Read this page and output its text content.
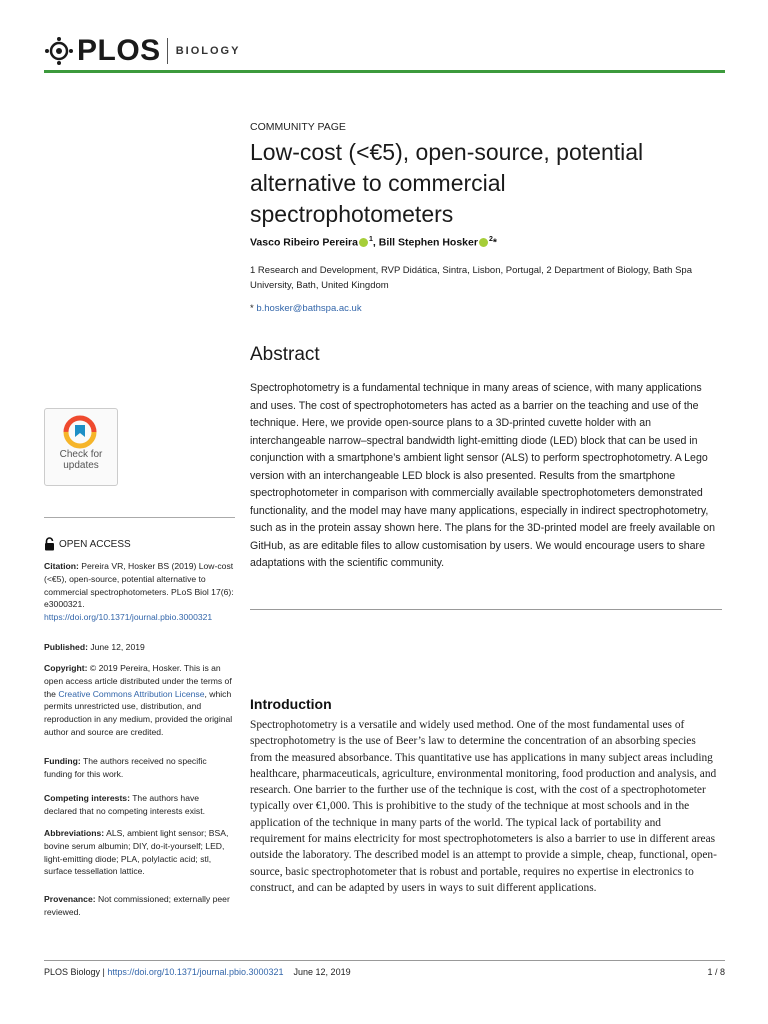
PLOS BIOLOGY
COMMUNITY PAGE
Low-cost (<€5), open-source, potential alternative to commercial spectrophotometers
Vasco Ribeiro Pereira $^1$, Bill Stephen Hosker $^2$*
1 Research and Development, RVP Didática, Sintra, Lisbon, Portugal, 2 Department of Biology, Bath Spa University, Bath, United Kingdom
* b.hosker@bathspa.ac.uk
Abstract
Spectrophotometry is a fundamental technique in many areas of science, with many applications and uses. The cost of spectrophotometers has acted as a barrier on the teaching and use of the technique. Here, we provide open-source plans to a 3D-printed cuvette holder with an interchangeable narrow–spectral bandwidth light-emitting diode (LED) block that can be used in conjunction with a smartphone’s ambient light sensor (ALS) to perform spectrophotometry. A Lego version with an interchangeable LED block is also presented. Results from the smartphone spectrophotometer in comparison with commercially available spectrophotometers demonstrated functionality, and the model may have many applications, especially in indirect spectrophotometry, such as in the protein assay shown here. The plans for the 3D-printed model are freely available on GitHub, as are editable files to allow customisation by users. We would encourage users to share adaptations with the scientific community.
Introduction
Spectrophotometry is a versatile and widely used method. One of the most fundamental uses of spectrophotometry is the use of Beer’s law to determine the concentration of an absorbing species from the measured absorbance. This quantitative use has applications in many subject areas including healthcare, pharmaceuticals, agriculture, environmental monitoring, food production and analysis, and research. One barrier to the further use of the technique is cost, with the cost of a spectrophotometer typically over €1,000. This is prohibitive to the study of the technique at most schools and in the application of the technique in many parts of the world. The typical lack of portability and requirement for mains electricity for most spectrophotometers is also a barrier to use in different areas outside the laboratory. The described model is an attempt to provide a simple, cheap, functional, open-source, basic spectrophotometer that is robust and portable, requires no expertise in electronics to construct, and can be adapted by users in ways to suit different applications.
Check for
updates
OPEN ACCESS
Citation: Pereira VR, Hosker BS (2019) Low-cost (<€5), open-source, potential alternative to commercial spectrophotometers. PLoS Biol 17(6): e3000321. https://doi.org/10.1371/journal.pbio.3000321
Published: June 12, 2019
Copyright: © 2019 Pereira, Hosker. This is an open access article distributed under the terms of the Creative Commons Attribution License, which permits unrestricted use, distribution, and reproduction in any medium, provided the original author and source are credited.
Funding: The authors received no specific funding for this work.
Competing interests: The authors have declared that no competing interests exist.
Abbreviations: ALS, ambient light sensor; BSA, bovine serum albumin; DIY, do-it-yourself; LED, light-emitting diode; PLA, polylactic acid; stl, surface tessellation lattice.
Provenance: Not commissioned; externally peer reviewed.
PLOS Biology | https://doi.org/10.1371/journal.pbio.3000321 June 12, 2019	1 / 8
